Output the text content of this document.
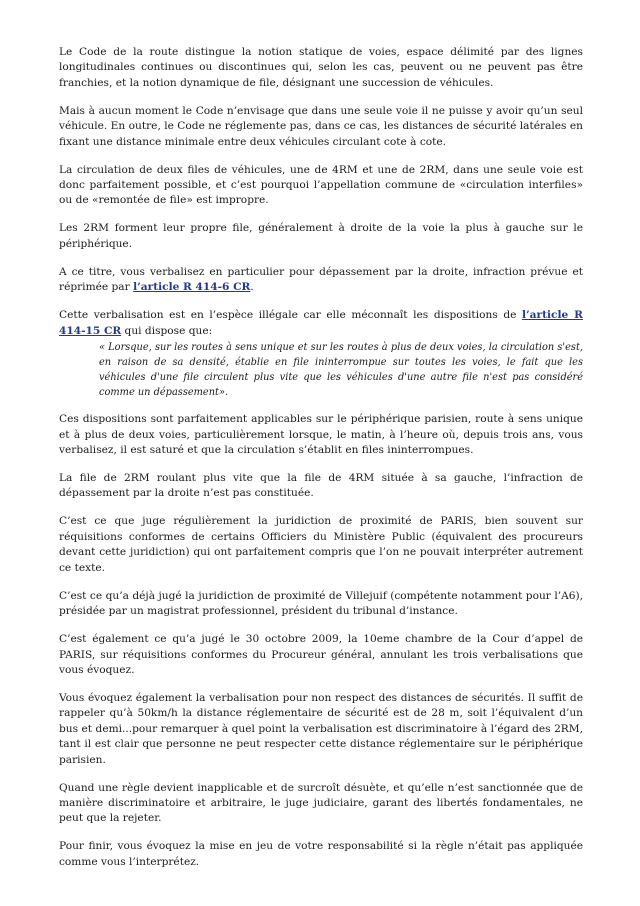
Le Code de la route distingue la notion statique de voies, espace délimité par des lignes longitudinales continues ou discontinues qui, selon les cas, peuvent ou ne peuvent pas être franchies, et la notion dynamique de file, désignant une succession de véhicules.

Mais à aucun moment le Code n’envisage que dans une seule voie il ne puisse y avoir qu’un seul véhicule. En outre, le Code ne réglemente pas, dans ce cas, les distances de sécurité latérales en fixant une distance minimale entre deux véhicules circulant cote à cote.

La circulation de deux files de véhicules, une de 4RM et une de 2RM, dans une seule voie est donc parfaitement possible, et c’est pourquoi l’appellation commune de «circulation interfiles» ou de «remontée de file» est impropre.

Les 2RM forment leur propre file, généralement à droite de la voie la plus à gauche sur le périphérique.

A ce titre, vous verbalisez en particulier pour dépassement par la droite, infraction prévue et réprimée par l’article R 414-6 CR.

Cette verbalisation est en l’espèce illégale car elle méconnaît les dispositions de l’article R 414-15 CR qui dispose que:

« Lorsque, sur les routes à sens unique et sur les routes à plus de deux voies, la circulation s'est, en raison de sa densité, établie en file ininterrompue sur toutes les voies, le fait que les véhicules d'une file circulent plus vite que les véhicules d'une autre file n'est pas considéré comme un dépassement».

Ces dispositions sont parfaitement applicables sur le périphérique parisien, route à sens unique et à plus de deux voies, particulièrement lorsque, le matin, à l’heure où, depuis trois ans, vous verbalisez, il est saturé et que la circulation s’établit en files ininterrompues.

La file de 2RM roulant plus vite que la file de 4RM située à sa gauche, l’infraction de dépassement par la droite n’est pas constituée.

C’est ce que juge régulièrement la juridiction de proximité de PARIS, bien souvent sur réquisitions conformes de certains Officiers du Ministère Public (équivalent des procureurs devant cette juridiction) qui ont parfaitement compris que l’on ne pouvait interpréter autrement ce texte.

C’est ce qu’a déjà jugé la juridiction de proximité de Villejuif (compétente notamment pour l’A6), présidée par un magistrat professionnel, président du tribunal d’instance.

C’est également ce qu’a jugé le 30 octobre 2009, la 10eme chambre de la Cour d’appel de PARIS, sur réquisitions conformes du Procureur général, annulant les trois verbalisations que vous évoquez.

Vous évoquez également la verbalisation pour non respect des distances de sécurités. Il suffit de rappeler qu’à 50km/h la distance réglementaire de sécurité est de 28 m, soit l’équivalent d’un bus et demi...pour remarquer à quel point la verbalisation est discriminatoire à l’égard des 2RM, tant il est clair que personne ne peut respecter cette distance réglementaire sur le périphérique parisien.

Quand une règle devient inapplicable et de surcroît désuète, et qu’elle n’est sanctionnée que de manière discriminatoire et arbitraire, le juge judiciaire, garant des libertés fondamentales, ne peut que la rejeter.

Pour finir, vous évoquez la mise en jeu de votre responsabilité si la règle n’était pas appliquée comme vous l’interprétez.
